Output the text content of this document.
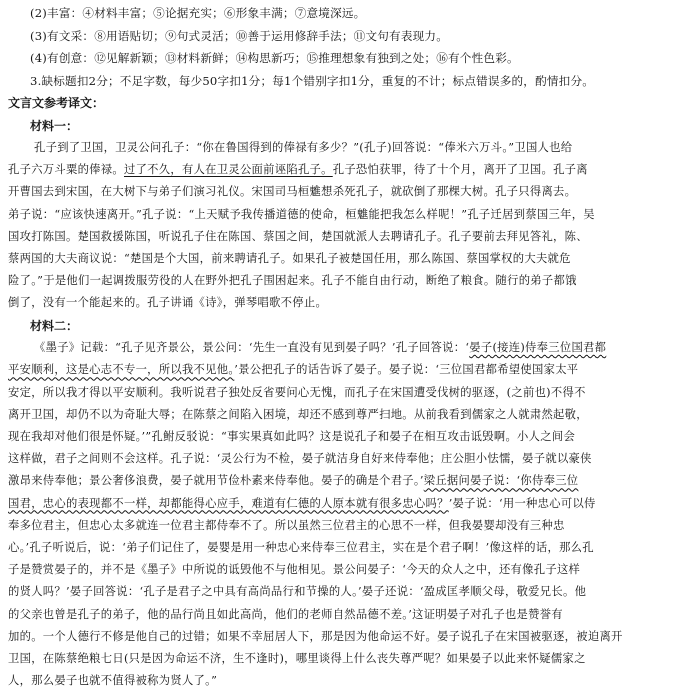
(2)丰富：④材料丰富；⑤论据充实；⑥形象丰满；⑦意境深远。
(3)有文采：⑧用语贴切；⑨句式灵活；⑩善于运用修辞手法；⑪文句有表现力。
(4)有创意：⑫见解新颖；⑬材料新鲜；⑭构思新巧；⑮推理想象有独到之处；⑯有个性色彩。
3.缺标题扣2分；不足字数，每少50字扣1分；每1个错别字扣1分，重复的不计；标点错误多的，酌情扣分。
文言文参考译文：
材料一：
孔子到了卫国，卫灵公问孔子：“你在鲁国得到的俸禄有多少？”(孔子)回答说：“俸米六万斗。”卫国人也给
孔子六万斗粟的俸禄。过了不久，有人在卫灵公面前诬陷孔子。孔子恐怕获罪，待了十个月，离开了卫国。孔子离
开曹国去到宋国，在大树下与弟子们演习礼仪。宋国司马桓魋想杀死孔子，就砍倒了那棵大树。孔子只得离去。
弟子说：“应该快速离开。”孔子说：“上天赋予我传播道德的使命，桓魋能把我怎么样呢！”孔子迁居到蔡国三年，吴
国攻打陈国。楚国救援陈国，听说孔子住在陈国、蔡国之间，楚国就派人去聘请孔子。孔子要前去拜见答礼，陈、
蔡两国的大夫商议说：“楚国是个大国，前来聘请孔子。如果孔子被楚国任用，那么陈国、蔡国掌权的大夫就危
险了。”于是他们一起调拨服劳役的人在野外把孔子围困起来。孔子不能自由行动，断绝了粮食。随行的弟子都饿
倒了，没有一个能起来的。孔子讲诵《诗》，弹琴唱歌不停止。
材料二：
《墨子》记载：“孔子见齐景公，景公问：‘先生一直没有见到晏子吗？’孔子回答说：‘晏子(接连)侍奉三位国君都
平安顺利，这是心志不专一，所以我不见他。’景公把孔子的话告诉了晏子。晏子说：‘三位国君都希望使国家太平
安定，所以我才得以平安顺利。我听说君子独处反省要问心无愧，而孔子在宋国遭受伐树的驱逐，(之前也)不得不
离开卫国，却仍不以为奇耻大辱；在陈蔡之间陷入困境，却还不感到尊严扫地。从前我看到儒家之人就肃然起敬，
现在我却对他们很是怀疑。’”孔鲋反驳说：“事实果真如此吗？这是说孔子和晏子在相互攻击诋毁啊。小人之间会
这样做，君子之间则不会这样。孔子说：‘灵公行为不检，晏子就洁身自好来侍奉他；庄公胆小怯懦，晏子就以豪侠
激昂来侍奉他；景公奢侈浪费，晏子就用节俭朴素来侍奉他。晏子的确是个君子。’梁丘据问晏子说：‘你侍奉三位
国君，忠心的表现都不一样，却都能得心应手，难道有仁德的人原本就有很多忠心吗？’晏子说：‘用一种忠心可以侍
奉多位君主，但忠心太多就连一位君主都侍奉不了。所以虽然三位君主的心思不一样，但我晏婴却没有三种忠
心。’孔子听说后，说：‘弟子们记住了，晏婴是用一种忠心来侍奉三位君主，实在是个君子啊！’像这样的话，那么孔
子是赞赏晏子的，并不是《墨子》中所说的诋毁他不与他相见。景公问晏子：‘今天的众人之中，还有像孔子这样
的贤人吗？’晏子回答说：‘孔子是君子之中具有高尚品行和节操的人。’晏子还说：‘盈成匡孝顺父母，敬爱兄长。他
的父亲也曾是孔子的弟子，他的品行尚且如此高尚，他们的老师自然品德不差。’这证明晏子对孔子也是赞誉有
加的。一个人德行不修是他自己的过错；如果不幸屈居人下，那是因为他命运不好。晏子说孔子在宋国被驱逐，被迫离开
卫国，在陈蔡绝粮七日(只是因为命运不济，生不逢时)，哪里谈得上什么丧失尊严呢？如果晏子以此来怀疑儒家之
人，那么晏子也就不值得被称为贤人了。”
